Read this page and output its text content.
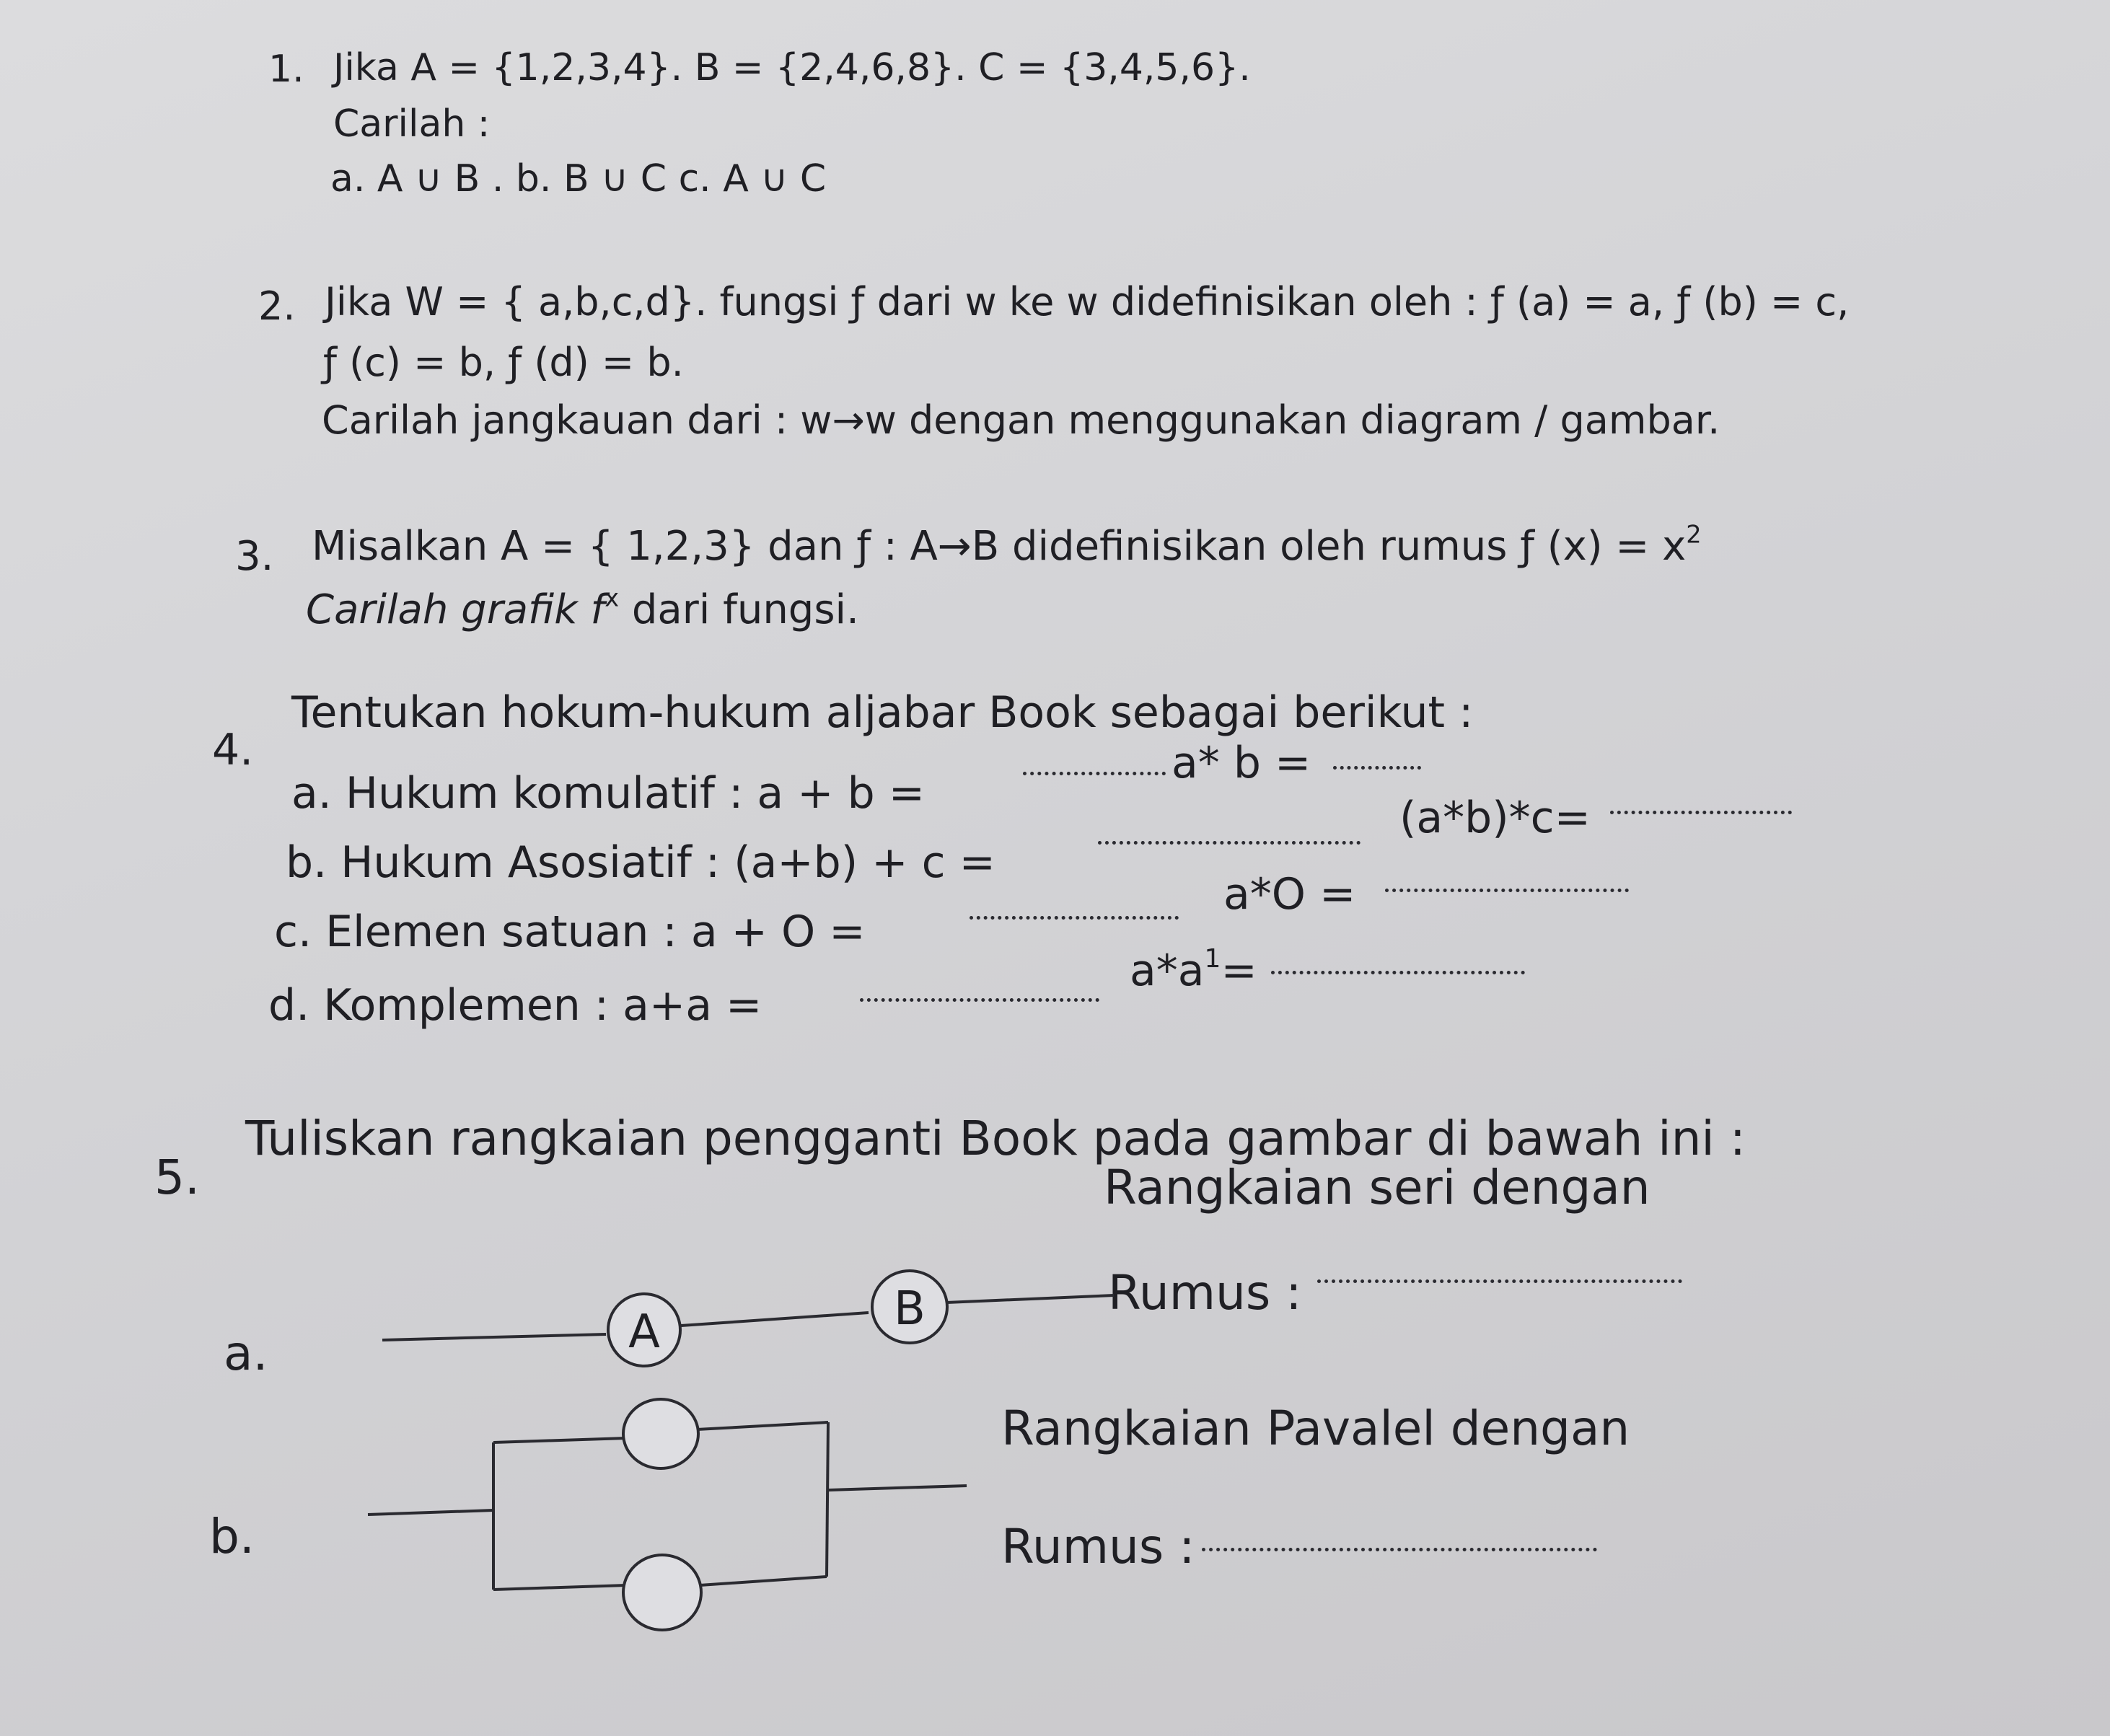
1. Jika A = {1,2,3,4}. B = {2,4,6,8}. C = {3,4,5,6}.
Carilah :
a. A ∪ B . b. B ∪ C c. A ∪ C
2. Jika W = { a,b,c,d}. fungsi ƒ dari w ke w didefinisikan oleh : ƒ (a) = a, ƒ (b) = c,
ƒ (c) = b, ƒ (d) = b.
Carilah jangkauan dari : w→w dengan menggunakan diagram / gambar.
3. Misalkan A = { 1,2,3} dan ƒ : A→B didefinisikan oleh rumus ƒ $(x) = x^2$
Carilah grafik $f^x$ dari fungsi.
4.
Tentukan hokum-hukum aljabar Book sebagai berikut :
a. Hukum komulatif : a + b =
a* b =
b. Hukum Asosiatif : (a+b) + c =
(a*b)*c=
c. Elemen satuan : a + O =
a*O =
d. Komplemen : a+a =
$a*a^1=$
5.
Tuliskan rangkaian pengganti Book pada gambar di bawah ini :
Rangkaian seri dengan
Rumus :
a.
Rangkaian Pavalel dengan
Rumus :
b.
A	B
